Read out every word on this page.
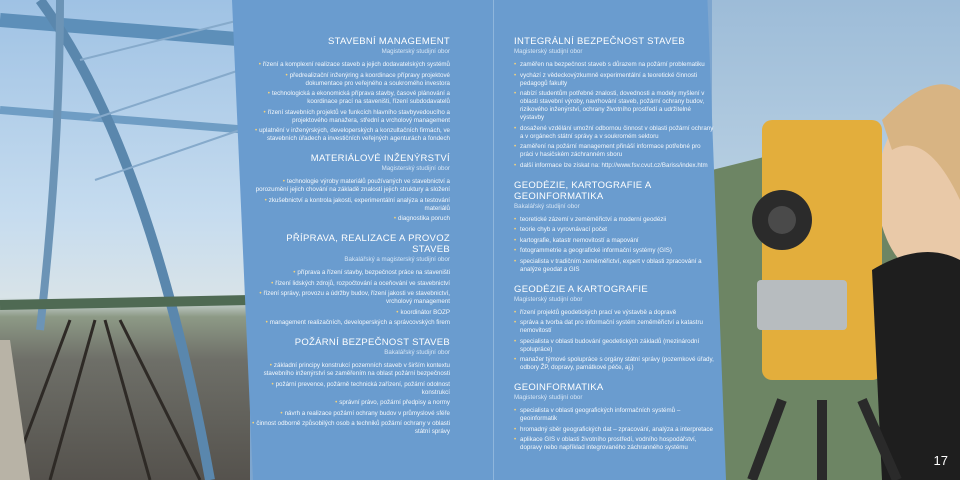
STAVEBNÍ MANAGEMENT
Magisterský studijní obor
• řízení a komplexní realizace staveb a jejich dodavatelských systémů
• předrealizační inženýring a koordinace přípravy projektové dokumentace pro veřejného a soukromého investora
• technologická a ekonomická příprava stavby, časové plánování a koordinace prací na staveništi, řízení subdodavatelů
• řízení stavebních projektů ve funkcích hlavního stavbyvedoucího a projektového manažera, střední a vrcholový management
• uplatnění v inženýrských, developerských a konzultačních firmách, ve stavebních úřadech a investičních veřejných agenturách a fondech
MATERIÁLOVÉ INŽENÝRSTVÍ
Magisterský studijní obor
• technologie výroby materiálů používaných ve stavebnictví a porozumění jejich chování na základě znalostí jejich struktury a složení
• zkušebnictví a kontrola jakosti, experimentální analýza a testování materiálů
• diagnostika poruch
PŘÍPRAVA, REALIZACE A PROVOZ STAVEB
Bakalářský a magisterský studijní obor
• příprava a řízení stavby, bezpečnost práce na staveništi
• řízení lidských zdrojů, rozpočtování a oceňování ve stavebnictví
• řízení správy, provozu a údržby budov, řízení jakosti ve stavebnictví, vrcholový management
• koordinátor BOZP
• management realizačních, developerských a správcovských firem
POŽÁRNÍ BEZPEČNOST STAVEB
Bakalářský studijní obor
• základní principy konstrukcí pozemních staveb v širším kontextu stavebního inženýrství se zaměřením na oblast požární bezpečnosti
• požární prevence, požárně technická zařízení, požární odolnost konstrukcí
• správní právo, požární předpisy a normy
• návrh a realizace požární ochrany budov v průmyslové sféře
• činnost odborně způsobilých osob a techniků požární ochrany v oblasti státní správy
INTEGRÁLNÍ BEZPEČNOST STAVEB
Magisterský studijní obor
• zaměřen na bezpečnost staveb s důrazem na požární problematiku
• vychází z vědeckovýzkumně experimentální a teoretické činnosti pedagogů fakulty
• nabízí studentům potřebné znalosti, dovednosti a modely myšlení v oblasti stavební výroby, navrhování staveb, požární ochrany budov, rizikového inženýrství, ochrany životního prostředí a udržitelné výstavby
• dosažené vzdělání umožní odbornou činnost v oblasti požární ochrany a v orgánech státní správy a v soukromém sektoru
• zaměření na požární management přináší informace potřebné pro práci v hasičském záchranném sboru
• další informace lze získat na: http://www.fsv.cvut.cz/Bariss/index.htm
GEODÉZIE, KARTOGRAFIE A GEOINFORMATIKA
Bakalářský studijní obor
• teoretické zázemí v zeměměřictví a moderní geodézii
• teorie chyb a vyrovnávací počet
• kartografie, katastr nemovitostí a mapování
• fotogrammetrie a geografické informační systémy (GIS)
• specialista v tradičním zeměměřictví, expert v oblasti zpracování a analýze geodat a GIS
GEODÉZIE A KARTOGRAFIE
Magisterský studijní obor
• řízení projektů geodetických prací ve výstavbě a dopravě
• správa a tvorba dat pro informační systém zeměměřictví a katastru nemovitostí
• specialista v oblasti budování geodetických základů (mezinárodní spolupráce)
• manažer týmové spolupráce s orgány státní správy (pozemkové úřady, odbory ŽP, dopravy, památkové péče, aj.)
GEOINFORMATIKA
Magisterský studijní obor
• specialista v oblasti geografických informačních systémů – geoinformatik
• hromadný sběr geografických dat – zpracování, analýza a interpretace
• aplikace GIS v oblasti životního prostředí, vodního hospodářství, dopravy nebo například integrovaného záchranného systému
17
